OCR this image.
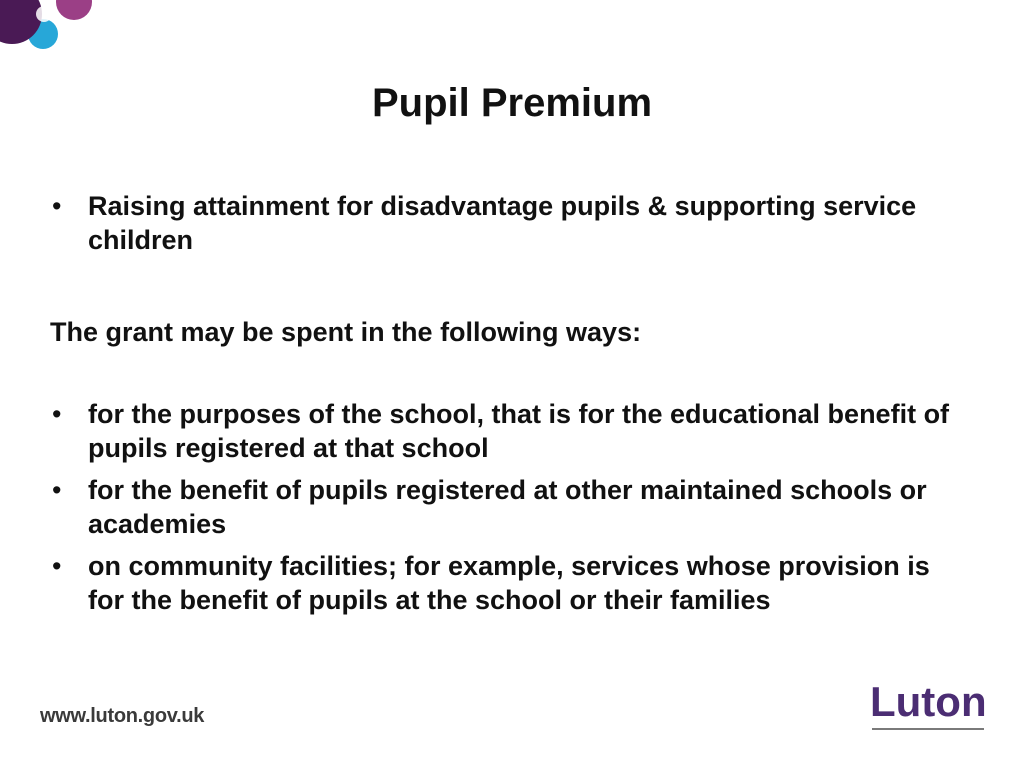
Pupil Premium
• Raising attainment for disadvantage pupils & supporting service children

The grant may be spent in the following ways:

• for the purposes of the school, that is for the educational benefit of pupils registered at that school
• for the benefit of pupils registered at other maintained schools or academies
• on community facilities; for example, services whose provision is for the benefit of pupils at the school or their families
www.luton.gov.uk	Luton
